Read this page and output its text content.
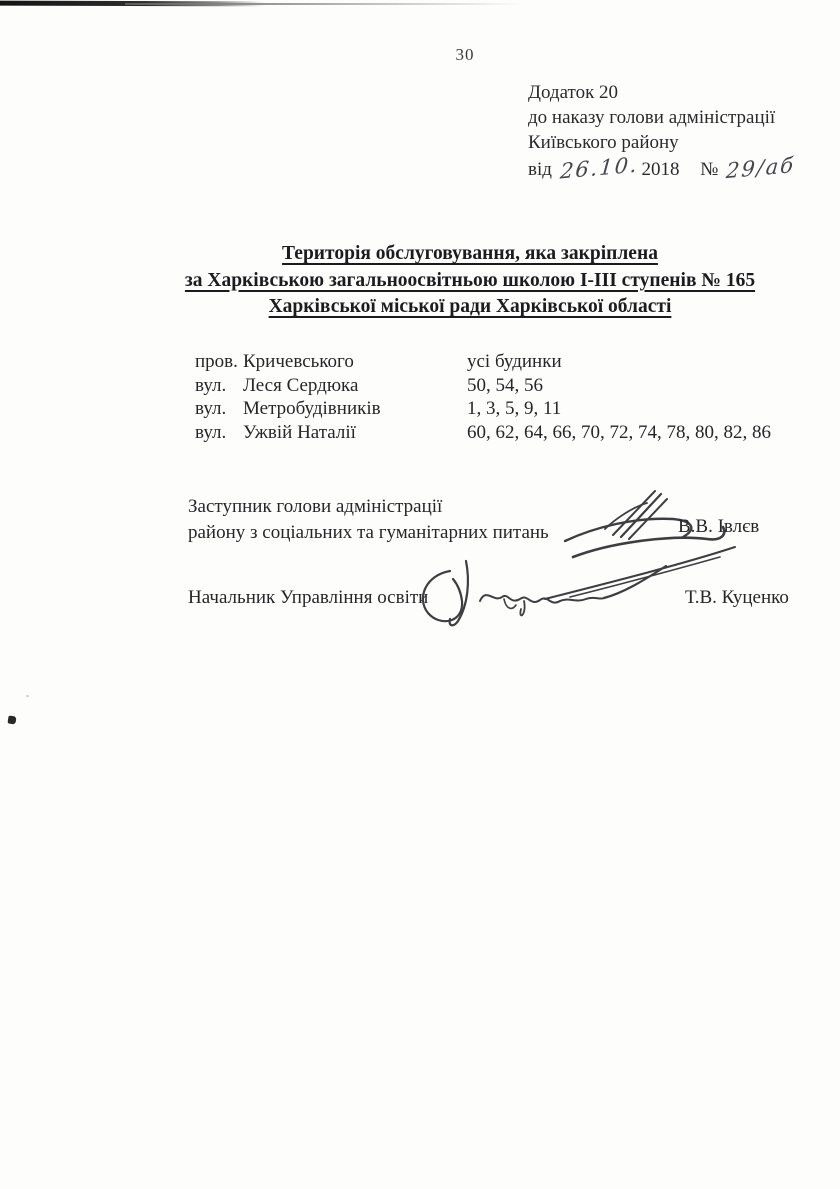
30
Додаток 20
до наказу голови адміністрації
Київського району
від 26.10. 2018 № 29/аб
Територія обслуговування, яка закріплена
за Харківською загальноосвітньою школою І-ІІІ ступенів № 165
Харківської міської ради Харківської області
пров. Кричевського	усі будинки
вул. Леся Сердюка	50, 54, 56
вул. Метробудівників	1, 3, 5, 9, 11
вул. Ужвій Наталії	60, 62, 64, 66, 70, 72, 74, 78, 80, 82, 86
Заступник голови адміністрації
району з соціальних та гуманітарних питань	В.В. Івлєв
Начальник Управління освіти	Т.В. Куценко
